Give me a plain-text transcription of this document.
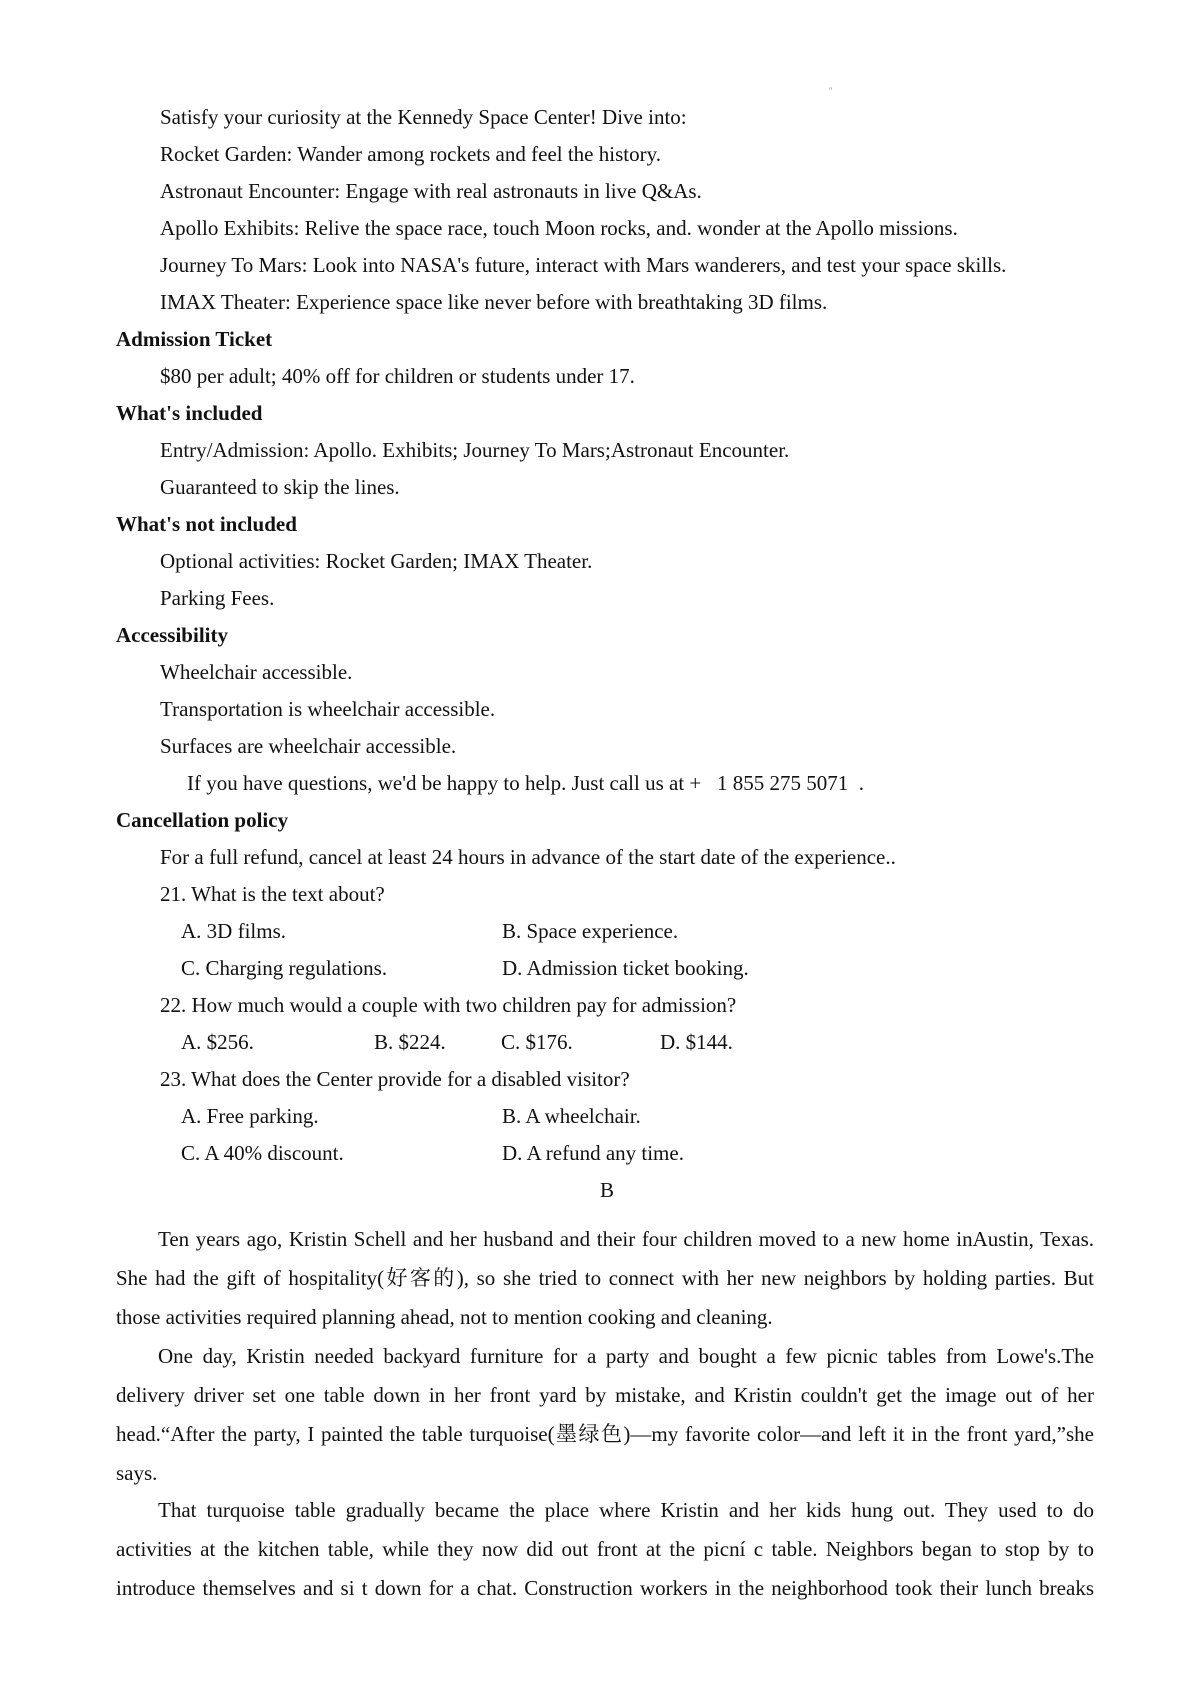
"
Satisfy your curiosity at the Kennedy Space Center! Dive into:
Rocket Garden: Wander among rockets and feel the history.
Astronaut Encounter: Engage with real astronauts in live Q&As.
Apollo Exhibits: Relive the space race, touch Moon rocks, and. wonder at the Apollo missions.
Journey To Mars: Look into NASA's future, interact with Mars wanderers, and test your space skills.
IMAX Theater: Experience space like never before with breathtaking 3D films.
Admission Ticket
$80 per adult; 40% off for children or students under 17.
What's included
Entry/Admission: Apollo. Exhibits; Journey To Mars;Astronaut Encounter.
Guaranteed to skip the lines.
What's not included
Optional activities: Rocket Garden; IMAX Theater.
Parking Fees.
Accessibility
Wheelchair accessible.
Transportation is wheelchair accessible.
Surfaces are wheelchair accessible.
If you have questions, we'd be happy to help. Just call us at +   1 855 275 5071  .
Cancellation policy
For a full refund, cancel at least 24 hours in advance of the start date of the experience..
21. What is the text about?
A. 3D films.	B. Space experience.
C. Charging regulations.	D. Admission ticket booking.
22. How much would a couple with two children pay for admission?
A. $256.	B. $224.	C. $176.	D. $144.
23. What does the Center provide for a disabled visitor?
A. Free parking.	B. A wheelchair.
C. A 40% discount.	D. A refund any time.
B
Ten years ago, Kristin Schell and her husband and their four children moved to a new home inAustin, Texas.
She had the gift of hospitality(好客的), so she tried to connect with her new neighbors by holding parties. But
those activities required planning ahead, not to mention cooking and cleaning.
One day, Kristin needed backyard furniture for a party and bought a few picnic tables from Lowe's.The
delivery driver set one table down in her front yard by mistake, and Kristin couldn't get the image out of her
head.“After the party, I painted the table turquoise(墨绿色)—my favorite color—and left it in the front yard,”she
says.
That turquoise table gradually became the place where Kristin and her kids hung out. They used to do
activities at the kitchen table, while they now did out front at the picní c table. Neighbors began to stop by to
introduce themselves and si t down for a chat. Construction workers in the neighborhood took their lunch breaks
